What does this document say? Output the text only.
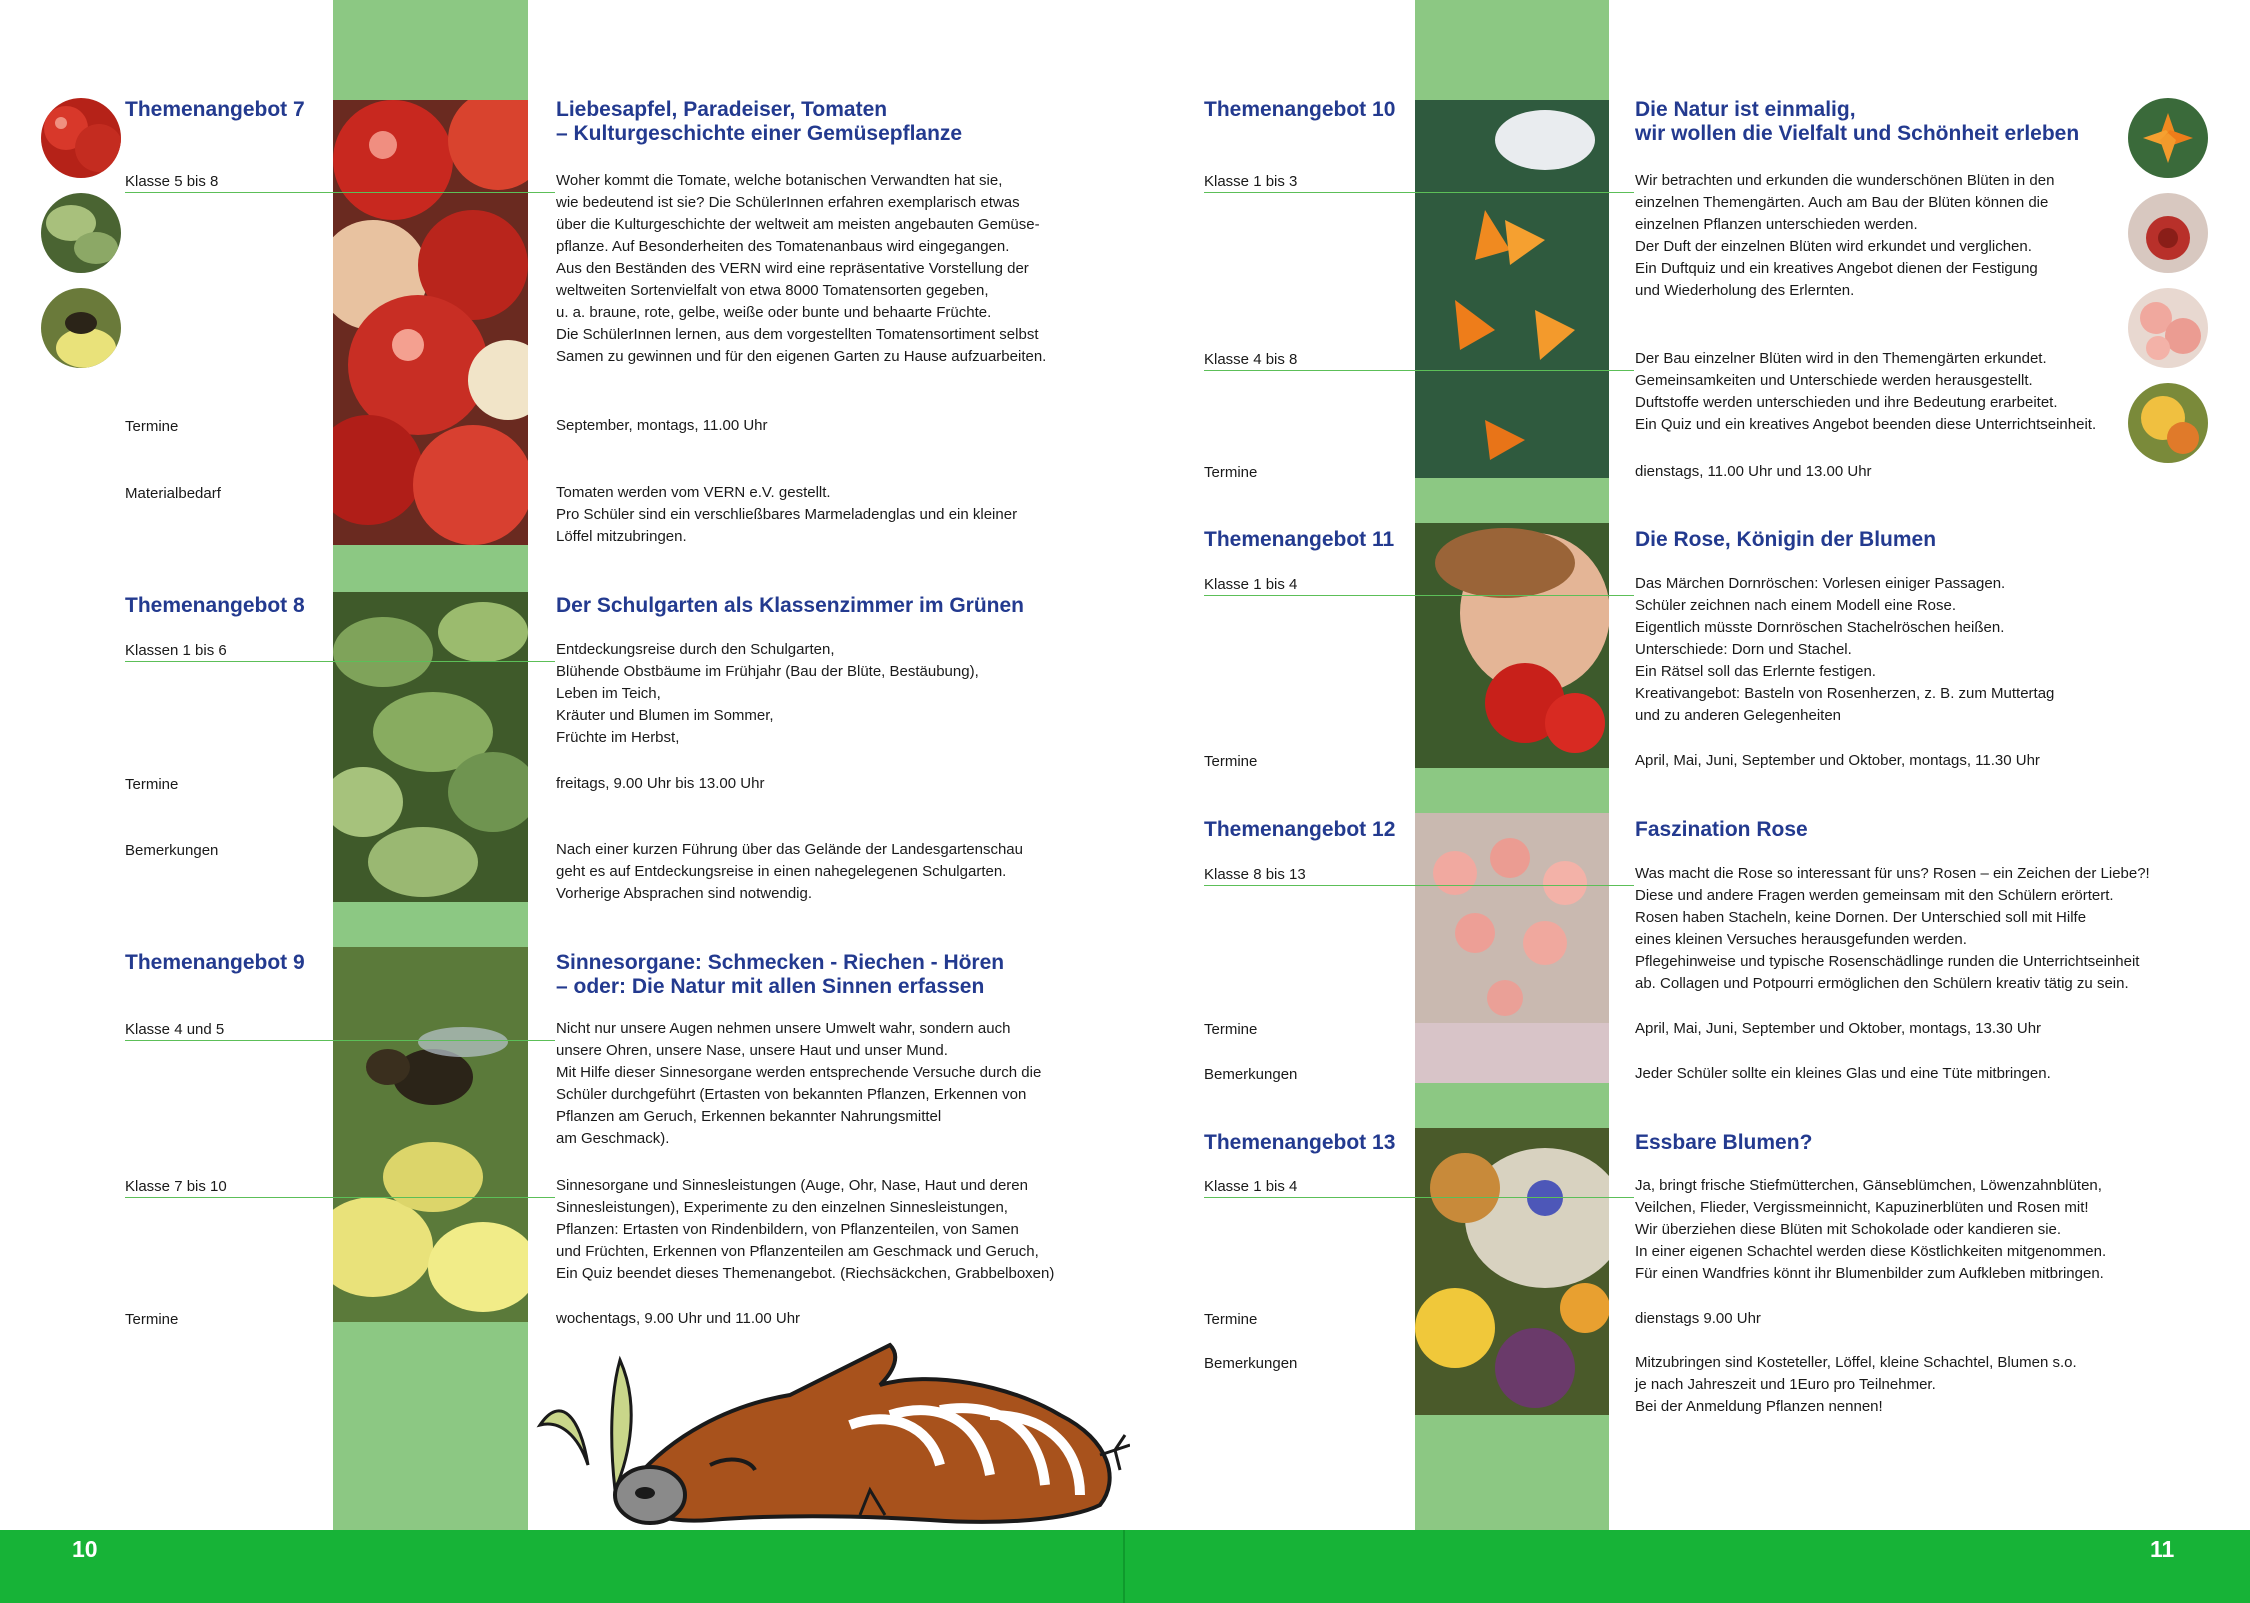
Themenangebot 7	Liebesapfel, Paradeiser, Tomaten
– Kulturgeschichte einer Gemüsepflanze
Klasse 5 bis 8	Woher kommt die Tomate, welche botanischen Verwandten hat sie,
wie bedeutend ist sie? Die SchülerInnen erfahren exemplarisch etwas
über die Kulturgeschichte der weltweit am meisten angebauten Gemüse-
pflanze. Auf Besonderheiten des Tomatenanbaus wird eingegangen.
Aus den Beständen des VERN wird eine repräsentative Vorstellung der
weltweiten Sortenvielfalt von etwa 8000 Tomatensorten gegeben,
u. a. braune, rote, gelbe, weiße oder bunte und behaarte Früchte.
Die SchülerInnen lernen, aus dem vorgestellten Tomatensortiment selbst
Samen zu gewinnen und für den eigenen Garten zu Hause aufzuarbeiten.
Termine	September, montags, 11.00 Uhr
Materialbedarf	Tomaten werden vom VERN e.V. gestellt.
Pro Schüler sind ein verschließbares Marmeladenglas und ein kleiner
Löffel mitzubringen.
Themenangebot 8	Der Schulgarten als Klassenzimmer im Grünen
Klassen 1 bis 6	Entdeckungsreise durch den Schulgarten,
Blühende Obstbäume im Frühjahr (Bau der Blüte, Bestäubung),
Leben im Teich,
Kräuter und Blumen im Sommer,
Früchte im Herbst,
Termine	freitags, 9.00 Uhr bis 13.00 Uhr
Bemerkungen	Nach einer kurzen Führung über das Gelände der Landesgartenschau
geht es auf Entdeckungsreise in einen nahegelegenen Schulgarten.
Vorherige Absprachen sind notwendig.
Themenangebot 9	Sinnesorgane: Schmecken - Riechen - Hören
– oder: Die Natur mit allen Sinnen erfassen
Klasse 4 und 5	Nicht nur unsere Augen nehmen unsere Umwelt wahr, sondern auch
unsere Ohren, unsere Nase, unsere Haut und unser Mund.
Mit Hilfe dieser Sinnesorgane werden entsprechende Versuche durch die
Schüler durchgeführt (Ertasten von bekannten Pflanzen, Erkennen von
Pflanzen am Geruch, Erkennen bekannter Nahrungsmittel
am Geschmack).
Klasse 7 bis 10	Sinnesorgane und Sinnesleistungen (Auge, Ohr, Nase, Haut und deren
Sinnesleistungen), Experimente zu den einzelnen Sinnesleistungen,
Pflanzen: Ertasten von Rindenbildern, von Pflanzenteilen, von Samen
und Früchten, Erkennen von Pflanzenteilen am Geschmack und Geruch,
Ein Quiz beendet dieses Themenangebot. (Riechsäckchen, Grabbelboxen)
Termine	wochentags, 9.00 Uhr und 11.00 Uhr
Themenangebot 10	Die Natur ist einmalig,
wir wollen die Vielfalt und Schönheit erleben
Klasse 1 bis 3	Wir betrachten und erkunden die wunderschönen Blüten in den
einzelnen Themengärten. Auch am Bau der Blüten können die
einzelnen Pflanzen unterschieden werden.
Der Duft der einzelnen Blüten wird erkundet und verglichen.
Ein Duftquiz und ein kreatives Angebot dienen der Festigung
und Wiederholung des Erlernten.
Klasse 4 bis 8	Der Bau einzelner Blüten wird in den Themengärten erkundet.
Gemeinsamkeiten und Unterschiede werden herausgestellt.
Duftstoffe werden unterschieden und ihre Bedeutung erarbeitet.
Ein Quiz und ein kreatives Angebot beenden diese Unterrichtseinheit.
Termine	dienstags, 11.00 Uhr und 13.00 Uhr
Themenangebot 11	Die Rose, Königin der Blumen
Klasse 1 bis 4	Das Märchen Dornröschen: Vorlesen einiger Passagen.
Schüler zeichnen nach einem Modell eine Rose.
Eigentlich müsste Dornröschen Stachelröschen heißen.
Unterschiede: Dorn und Stachel.
Ein Rätsel soll das Erlernte festigen.
Kreativangebot: Basteln von Rosenherzen, z. B. zum Muttertag
und zu anderen Gelegenheiten
Termine	April, Mai, Juni, September und Oktober, montags, 11.30 Uhr
Themenangebot 12	Faszination Rose
Klasse 8 bis 13	Was macht die Rose so interessant für uns? Rosen – ein Zeichen der Liebe?!
Diese und andere Fragen werden gemeinsam mit den Schülern erörtert.
Rosen haben Stacheln, keine Dornen. Der Unterschied soll mit Hilfe
eines kleinen Versuches herausgefunden werden.
Pflegehinweise und typische Rosenschädlinge runden die Unterrichtseinheit
ab. Collagen und Potpourri ermöglichen den Schülern kreativ tätig zu sein.
Termine	April, Mai, Juni, September und Oktober, montags, 13.30 Uhr
Bemerkungen	Jeder Schüler sollte ein kleines Glas und eine Tüte mitbringen.
Themenangebot 13	Essbare Blumen?
Klasse 1 bis 4	Ja, bringt frische Stiefmütterchen, Gänseblümchen, Löwenzahnblüten,
Veilchen, Flieder, Vergissmeinnicht, Kapuzinerblüten und Rosen mit!
Wir überziehen diese Blüten mit Schokolade oder kandieren sie.
In einer eigenen Schachtel werden diese Köstlichkeiten mitgenommen.
Für einen Wandfries könnt ihr Blumenbilder zum Aufkleben mitbringen.
Termine	dienstags 9.00 Uhr
Bemerkungen	Mitzubringen sind Kosteteller, Löffel, kleine Schachtel, Blumen s.o.
je nach Jahreszeit und 1Euro pro Teilnehmer.
Bei der Anmeldung Pflanzen nennen!
10	11
